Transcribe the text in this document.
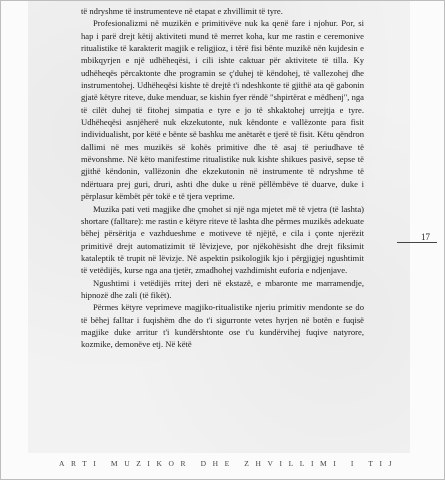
të ndryshme të instrumenteve në etapat e zhvillimit të tyre.

Profesionalizmi në muzikën e primitivëve nuk ka qenë fare i njohur. Por, si hap i parë drejt këtij aktiviteti mund të merret koha, kur me rastin e ceremonive ritualistike të karakterit magjik e religjioz, i tërë fisi bënte muzikë nën kujdesin e mbikqyrjen e një udhëheqësi, i cili ishte caktuar për aktivitete të tilla. Ky udhëheqës përcaktonte dhe programin se ç'duhej të këndohej, të vallezohej dhe instrumentohej. Udhëheqësi kishte të drejtë t'i ndeshkonte të gjithë ata që gabonin gjatë këtyre riteve, duke menduar, se kishin fyer rëndë "shpirtërat e mëdhenj", nga të cilët duhej të fitohej simpatia e tyre e jo të shkaktohej urrejtja e tyre. Udhëheqësi asnjëherë nuk ekzekutonte, nuk këndonte e vallëzonte para fisit individualisht, por këtë e bënte së bashku me anëtarët e tjerë të fisit. Këtu qëndron dallimi në mes muzikës së kohës primitive dhe të asaj të periudhave të mëvonshme. Në këto manifestime ritualistike nuk kishte shikues pasivë, sepse të gjithë këndonin, vallëzonin dhe ekzekutonin në instrumente të ndryshme të ndërtuara prej guri, druri, ashti dhe duke u rënë pëllëmbëve të duarve, duke i përplasur këmbët për tokë e të tjera veprime.

Muzika pati veti magjike dhe çmohet si një nga mjetet më të vjetra (të lashta) shortare (falltare): me rastin e këtyre riteve të lashta dhe përmes muzikës adekuate bëhej përsëritja e vazhdueshme e motiveve të njëjtë, e cila i çonte njerëzit primitivë drejt automatizimit të lëvizjeve, por njëkohësisht dhe drejt fiksimit kataleptik të trupit në lëvizje. Në aspektin psikologjik kjo i përgjigjej ngushtimit të vetëdijës, kurse nga ana tjetër, zmadhohej vazhdimisht euforia e ndjenjave.

Ngushtimi i vetëdijës rritej deri në ekstazë, e mbaronte me marramendje, hipnozë dhe zali (të fikët).

Përmes këtyre veprimeve magjiko-ritualistike njeriu primitiv mendonte se do të bëhej falltar i fuqishëm dhe do t'i sigurronte vetes hyrjen në botën e fuqisë magjike duke arritur t'i kundërshtonte ose t'u kundërvihej fuqive natyrore, kozmike, demonëve etj. Në këtë

17
ARTI MUZIKOR DHE ZHVILLIMI I TIJ
